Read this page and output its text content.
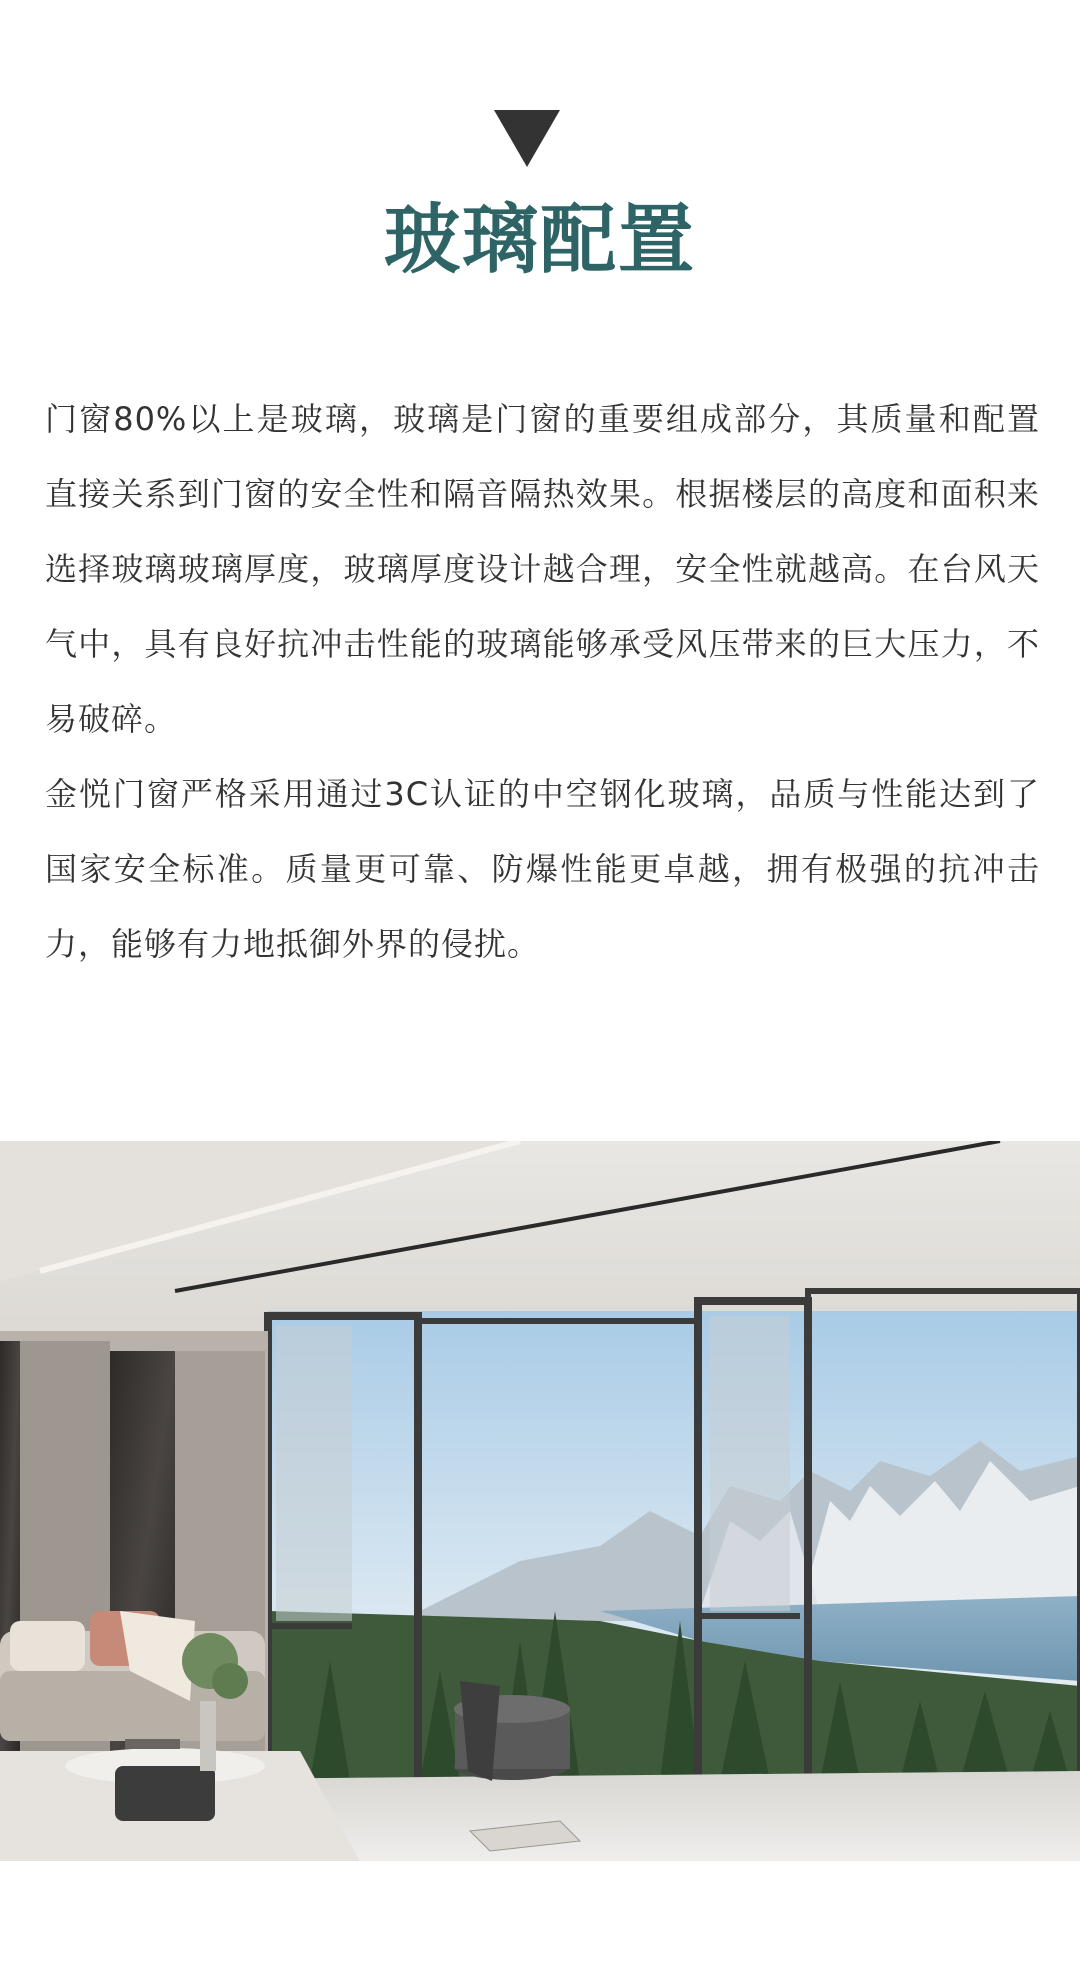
玻璃配置

门窗80%以上是玻璃，玻璃是门窗的重要组成部分，其质量和配置直接关系到门窗的安全性和隔音隔热效果。根据楼层的高度和面积来选择玻璃玻璃厚度，玻璃厚度设计越合理，安全性就越高。在台风天气中，具有良好抗冲击性能的玻璃能够承受风压带来的巨大压力，不易破碎。

金悦门窗严格采用通过3C认证的中空钢化玻璃，品质与性能达到了国家安全标准。质量更可靠、防爆性能更卓越，拥有极强的抗冲击力，能够有力地抵御外界的侵扰。
